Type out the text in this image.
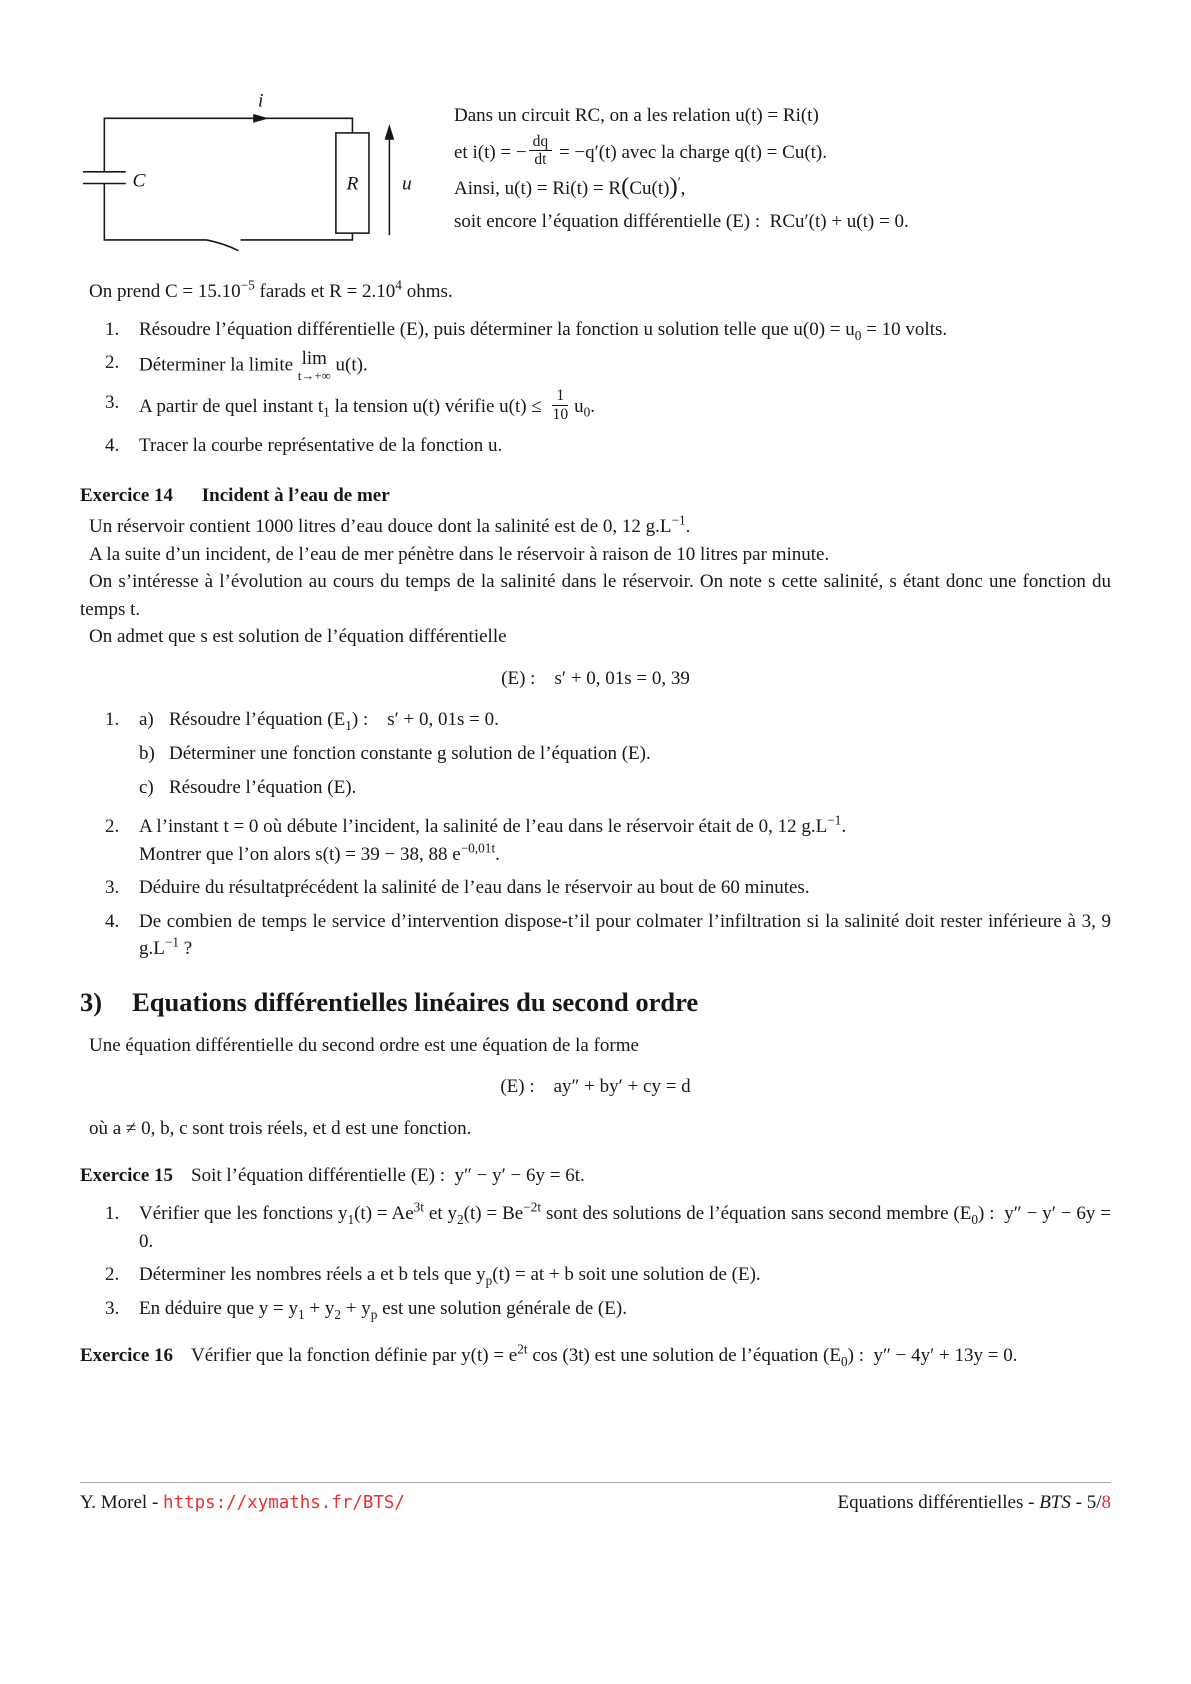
i
C	R u
Dans un circuit RC, on a les relation u(t) = Ri(t)
et i(t) = − $\frac{dq}{dt} = -q'(t)$ avec la charge q(t) = Cu(t).
Ainsi, u(t) = Ri(t) = R(Cu(t))′,
soit encore l’équation différentielle (E) :  RCu′(t) + u(t) = 0.

On prend $C = 15.10^{-5}$ farads et $R = 2.10^4$ ohms.

1.	Résoudre l’équation différentielle (E), puis déterminer la fonction u solution telle que $u(0) = u_0 = 10$ volts.
2.	Déterminer la limite lim
t→+∞
u(t).
3.	A partir de quel instant $t_1$ la tension u(t) vérifie $u(t) \le \frac{1}{10} u_0$.
4.	Tracer la courbe représentative de la fonction u.
Exercice 14 Incident à l’eau de mer

Un réservoir contient 1000 litres d’eau douce dont la salinité est de 0, 12 $g.L^{-1}$.

A la suite d’un incident, de l’eau de mer pénètre dans le réservoir à raison de 10 litres par minute.

On s’intéresse à l’évolution au cours du temps de la salinité dans le réservoir. On note s cette salinité, s étant donc une fonction du temps t.

On admet que s est solution de l’équation différentielle

(E) :    s′ + 0, 01s = 0, 39
1.	a) Résoudre l’équation $(E_1)$ :    s′ + 0, 01s = 0.
b) Déterminer une fonction constante g solution de l’équation (E).
c) Résoudre l’équation (E).
2.	A l’instant t = 0 où débute l’incident, la salinité de l’eau dans le réservoir était de 0, 12 $g.L^{-1}$.
Montrer que l’on alors s(t) = 39 − 38, 88 $e^{-0,01t}$.
3.	Déduire du résultatprécédent la salinité de l’eau dans le réservoir au bout de 60 minutes.
4.	De combien de temps le service d’intervention dispose-t’il pour colmater l’infiltration si la salinité doit rester inférieure à 3, 9 $g.L^{-1}$ ?
3) Equations différentielles linéaires du second ordre

Une équation différentielle du second ordre est une équation de la forme

(E) :    ay″ + by′ + cy = d

où a ≠ 0, b, c sont trois réels, et d est une fonction.

Exercice 15 Soit l’équation différentielle (E) :  y″ − y′ − 6y = 6t.

1.	Vérifier que les fonctions $y_1(t) = Ae^{3t}$ et $y_2(t) = Be^{-2t}$ sont des solutions de l’équation sans second membre $(E_0)$ :  y″ − y′ − 6y = 0.
2.	Déterminer les nombres réels a et b tels que $y_p(t)$ = at + b soit une solution de (E).
3.	En déduire que $y = y_1 + y_2 + y_p$ est une solution générale de (E).

Exercice 16 Vérifier que la fonction définie par $y(t) = e^{2t}$ cos (3t) est une solution de l’équation $(E_0)$ :  y″ − 4y′ + 13y = 0.

Y. Morel - https://xymaths.fr/BTS/	Equations différentielles - BTS - 5/8
